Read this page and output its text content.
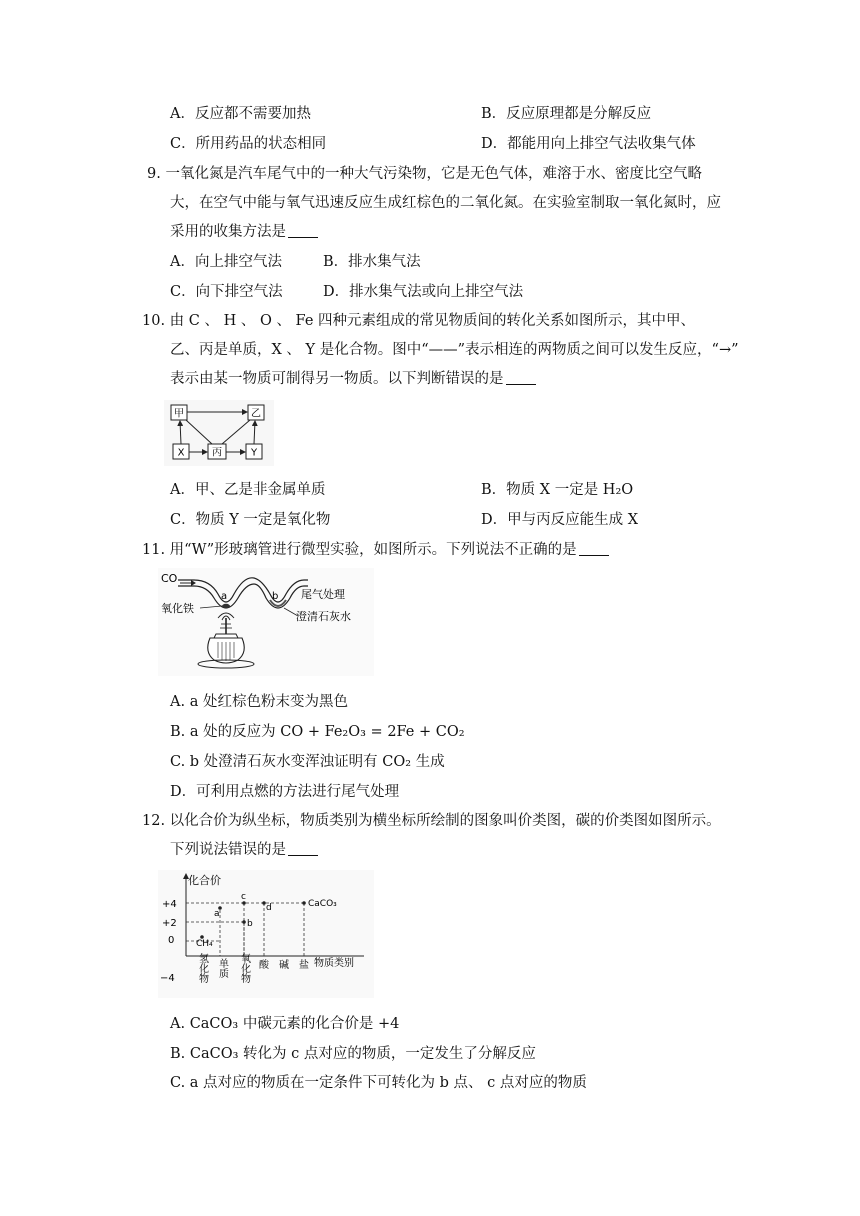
A．反应都不需要加热	B．反应原理都是分解反应
C．所用药品的状态相同	D．都能用向上排空气法收集气体
9. 一氧化氮是汽车尾气中的一种大气污染物，它是无色气体，难溶于水、密度比空气略
大，在空气中能与氧气迅速反应生成红棕色的二氧化氮。在实验室制取一氧化氮时，应
采用的收集方法是
A．向上排空气法	B．排水集气法
C．向下排空气法	D．排水集气法或向上排空气法
10. 由 C 、 H 、 O 、 Fe 四种元素组成的常见物质间的转化关系如图所示，其中甲、
乙、丙是单质，X 、 Y 是化合物。图中“——”表示相连的两物质之间可以发生反应，“→”
表示由某一物质可制得另一物质。以下判断错误的是
甲	乙
X	丙	Y
A．甲、乙是非金属单质	B．物质 X 一定是 H₂O
C．物质 Y 一定是氧化物	D．甲与丙反应能生成 X
11. 用“W”形玻璃管进行微型实验，如图所示。下列说法不正确的是
CO
a	b
氧化铁
尾气处理
澄清石灰水
A. a 处红棕色粉末变为黑色
B. a 处的反应为 CO + Fe₂O₃ = 2Fe + CO₂
C. b 处澄清石灰水变浑浊证明有 CO₂ 生成
D．可利用点燃的方法进行尾气处理
12. 以化合价为纵坐标，物质类别为横坐标所绘制的图象叫价类图，碳的价类图如图所示。
下列说法错误的是
化合价
物质类别
+4
+2
0
−4
CH₄
a
b
c
d	CaCO₃
氢化物 单质 氧化物 酸 碱 盐
A. CaCO₃ 中碳元素的化合价是 +4
B. CaCO₃ 转化为 c 点对应的物质，一定发生了分解反应
C. a 点对应的物质在一定条件下可转化为 b 点、 c 点对应的物质
